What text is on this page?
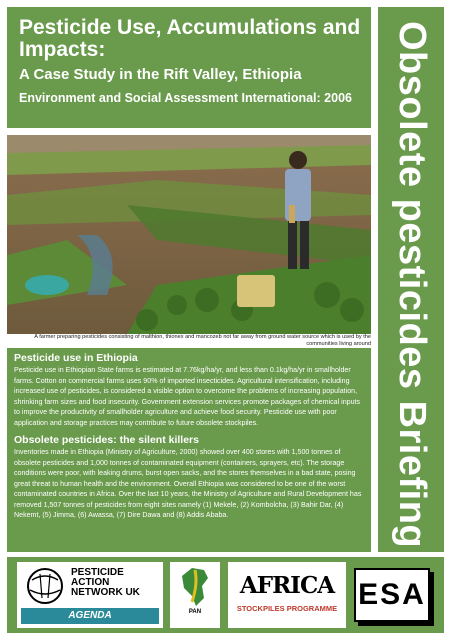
Pesticide Use, Accumulations and Impacts:
A Case Study in the Rift Valley, Ethiopia
Environment and Social Assessment International: 2006 Obsolete pesticides Briefing
A farmer preparing pesticides consisting of malthion, thionex and mancozeb not far away from ground water source which is used by the communities living around
Pesticide use in Ethiopia

Pesticide use in Ethiopian State farms is estimated at 7.76kg/ha/yr, and less than 0.1kg/ha/yr in smallholder farms. Cotton on commercial farms uses 90% of imported insecticides. Agricultural intensification, including increased use of pesticides, is considered a visible option to overcome the problems of increasing population, shrinking farm sizes and food insecurity. Government extension services promote packages of chemical inputs to improve the productivity of smallholder agriculture and achieve food security. Pesticide use with poor application and storage practices may contribute to future obsolete stockpiles.

Obsolete pesticides: the silent killers

Inventories made in Ethiopia (Ministry of Agriculture, 2000) showed over 400 stores with 1,500 tonnes of obsolete pesticides and 1,000 tonnes of contaminated equipment (containers, sprayers, etc). The storage conditions were poor, with leaking drums, burst open sacks, and the stores themselves in a bad state, posing great threat to human health and the environment. Overall Ethiopia was considered to be one of the worst contaminated countries in Africa. Over the last 10 years, the Ministry of Agriculture and Rural Development has removed 1,507 tonnes of pesticides from eight sites namely (1) Mekele, (2) Kombolcha, (3) Bahir Dar, (4) Nekemt, (5) Jimma, (6) Awassa, (7) Dire Dawa and (8) Addis Ababa.

PESTICIDE
ACTION
NETWORK UK
AGENDA	PAN
AFRICA
STOCKPILES PROGRAMME ESA
